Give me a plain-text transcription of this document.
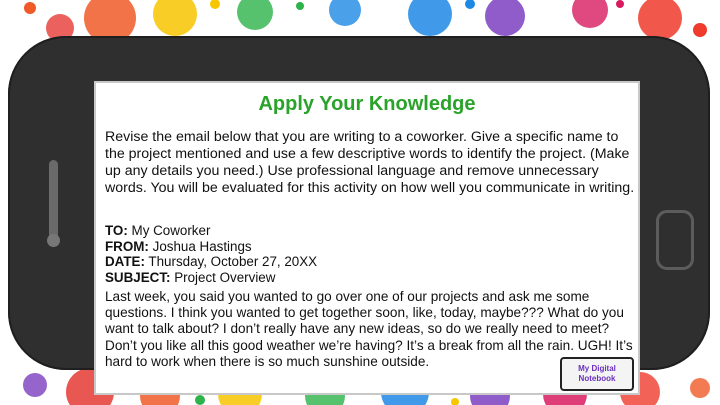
Apply Your Knowledge
Revise the email below that you are writing to a coworker. Give a specific name to the project mentioned and use a few descriptive words to identify the project. (Make up any details you need.) Use professional language and remove unnecessary words. You will be evaluated for this activity on how well you communicate in writing.
TO: My Coworker
FROM: Joshua Hastings
DATE: Thursday, October 27, 20XX
SUBJECT: Project Overview
Last week, you said you wanted to go over one of our projects and ask me some questions. I think you wanted to get together soon, like, today, maybe??? What do you want to talk about? I don’t really have any new ideas, so do we really need to meet? Don’t you like all this good weather we’re having? It’s a break from all the rain. UGH! It’s hard to work when there is so much sunshine outside.	My Digital
Notebook
